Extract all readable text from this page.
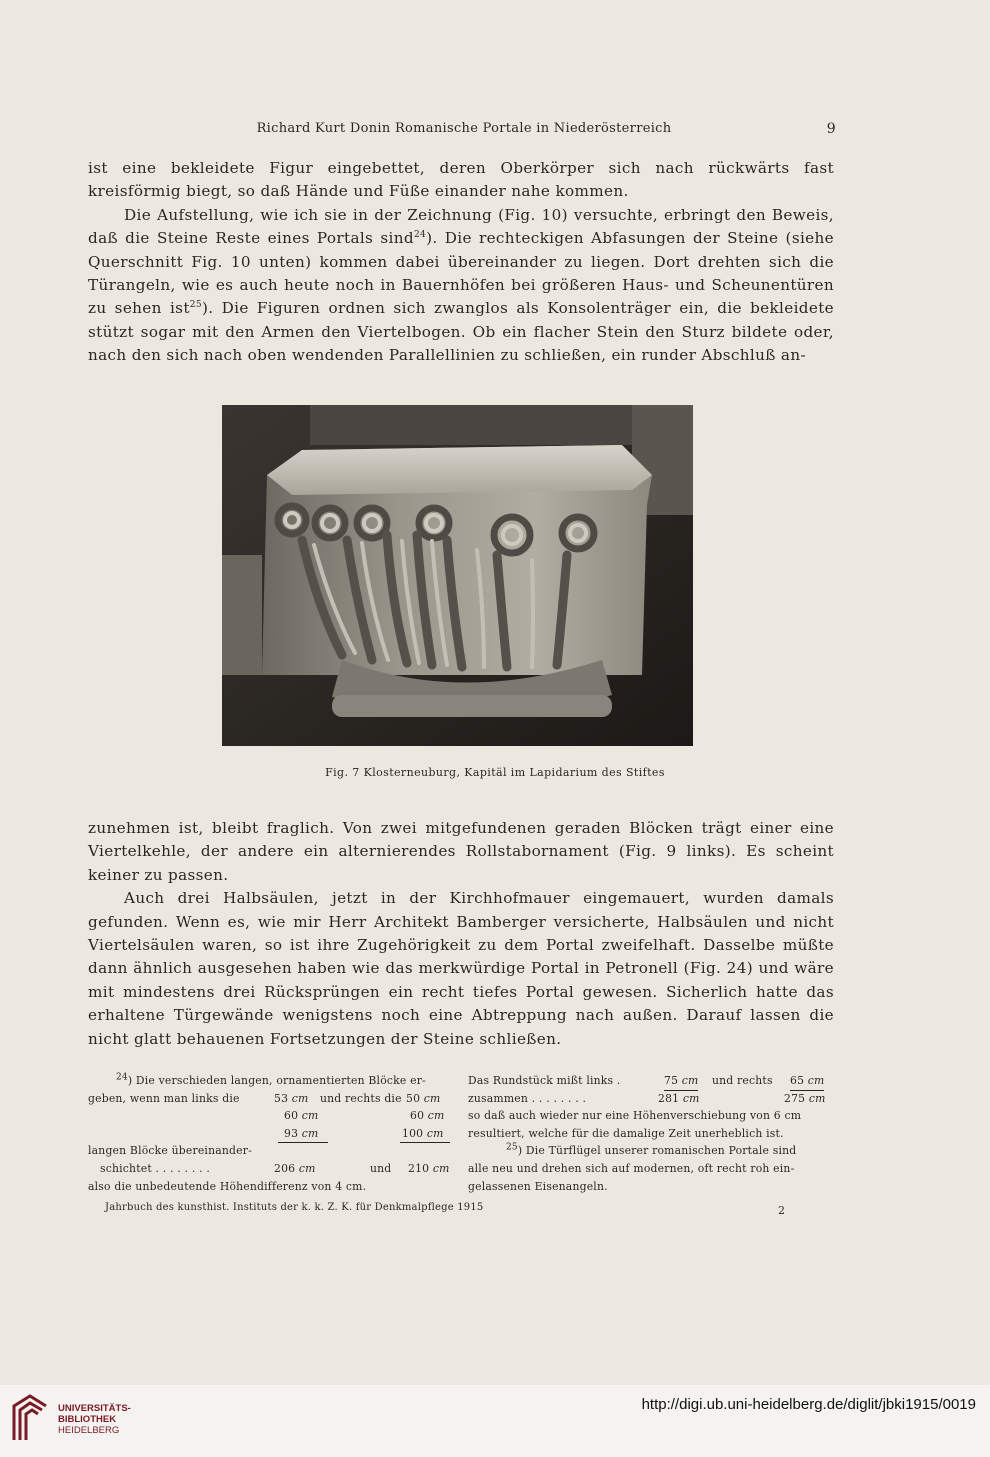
Richard Kurt Donin Romanische Portale in Niederösterreich	9

ist eine bekleidete Figur eingebettet, deren Oberkörper sich nach rückwärts fast kreisförmig biegt, so daß Hände und Füße einander nahe kommen.

Die Aufstellung, wie ich sie in der Zeichnung (Fig. 10) versuchte, erbringt den Beweis, daß die Steine Reste eines Portals sind$^{24}$). Die rechteckigen Abfasungen der Steine (siehe Querschnitt Fig. 10 unten) kommen dabei übereinander zu liegen. Dort drehten sich die Türangeln, wie es auch heute noch in Bauernhöfen bei größeren Haus- und Scheunentüren zu sehen ist$^{25}$). Die Figuren ordnen sich zwanglos als Konsolenträger ein, die bekleidete stützt sogar mit den Armen den Viertelbogen. Ob ein flacher Stein den Sturz bildete oder, nach den sich nach oben wendenden Parallellinien zu schließen, ein runder Abschluß an-

Fig. 7 Klosterneuburg, Kapitäl im Lapidarium des Stiftes

zunehmen ist, bleibt fraglich. Von zwei mitgefundenen geraden Blöcken trägt einer eine Viertelkehle, der andere ein alternierendes Rollstabornament (Fig. 9 links). Es scheint keiner zu passen.

Auch drei Halbsäulen, jetzt in der Kirchhofmauer eingemauert, wurden damals gefunden. Wenn es, wie mir Herr Architekt Bamberger versicherte, Halbsäulen und nicht Viertelsäulen waren, so ist ihre Zugehörigkeit zu dem Portal zweifelhaft. Dasselbe müßte dann ähnlich ausgesehen haben wie das merkwürdige Portal in Petronell (Fig. 24) und wäre mit mindestens drei Rücksprüngen ein recht tiefes Portal gewesen. Sicherlich hatte das erhaltene Türgewände wenigstens noch eine Abtreppung nach außen. Darauf lassen die nicht glatt behauenen Fortsetzungen der Steine schließen.

$^{24}$) Die verschieden langen, ornamentierten Blöcke er-
geben, wenn man links die	53 cm und rechts die 50 cm
60 cm	60 cm
93 cm	100 cm
langen Blöcke übereinander-
schichtet . . . . . . . .	206 cm	und 210 cm
also die unbedeutende Höhendifferenz von 4 cm.
Das Rundstück mißt links .	75 cm und rechts 65 cm
zusammen . . . . . . . .	281 cm	275 cm
so daß auch wieder nur eine Höhenverschiebung von 6 cm
resultiert, welche für die damalige Zeit unerheblich ist.
$^{25}$) Die Türflügel unserer romanischen Portale sind
alle neu und drehen sich auf modernen, oft recht roh ein-
gelassenen Eisenangeln.
Jahrbuch des kunsthist. Instituts der k. k. Z. K. für Denkmalpflege 1915	2
UNIVERSITÄTS-
BIBLIOTHEK
HEIDELBERG
http://digi.ub.uni-heidelberg.de/diglit/jbki1915/0019
